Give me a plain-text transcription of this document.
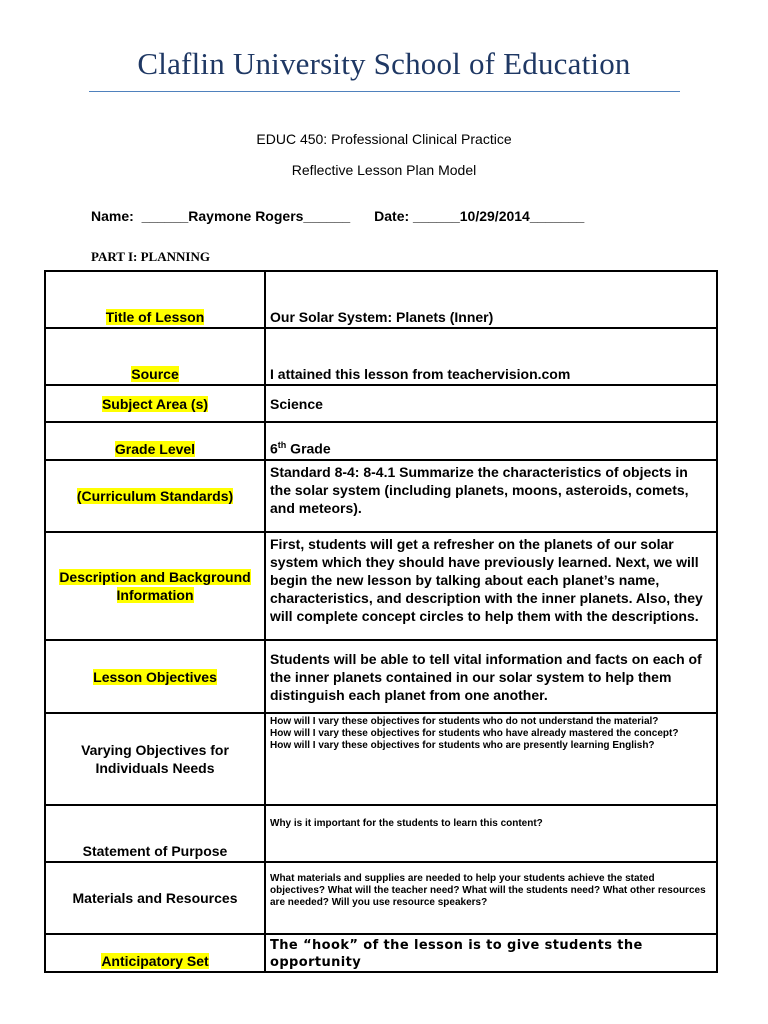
Claflin University School of Education
EDUC 450: Professional Clinical Practice
Reflective Lesson Plan Model
Name:  ______Raymone Rogers______ Date: ______10/29/2014_______
PART I: PLANNING
Title of Lesson	Our Solar System: Planets (Inner)
Source	I attained this lesson from teachervision.com
Subject Area (s)	Science
Grade Level	6th Grade
(Curriculum Standards)	Standard 8-4: 8-4.1 Summarize the characteristics of objects in the solar system (including planets, moons, asteroids, comets, and meteors).

Description and Background Information	First, students will get a refresher on the planets of our solar system which they should have previously learned. Next, we will begin the new lesson by talking about each planet’s name, characteristics, and description with the inner planets. Also, they will complete concept circles to help them with the descriptions.

Lesson Objectives	Students will be able to tell vital information and facts on each of the inner planets contained in our solar system to help them distinguish each planet from one another.

Varying Objectives for Individuals Needs	How will I vary these objectives for students who do not understand the material?
How will I vary these objectives for students who have already mastered the concept?
How will I vary these objectives for students who are presently learning English?

Statement of Purpose	Why is it important for the students to learn this content?

Materials and Resources	What materials and supplies are needed to help your students achieve the stated objectives? What will the teacher need? What will the students need? What other resources are needed? Will you use resource speakers?

Anticipatory Set	The “hook” of the lesson is to give students the opportunity
